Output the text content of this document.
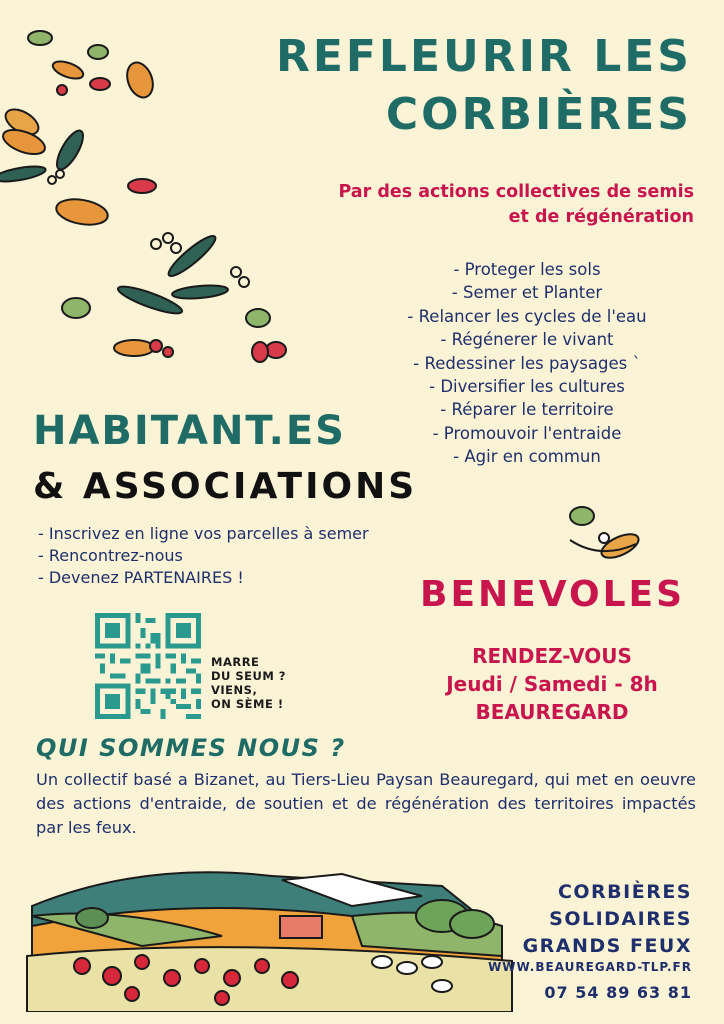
REFLEURIR LES
CORBIÈRES
Par des actions collectives de semis
et de régénération
- Proteger les sols
- Semer et Planter
- Relancer les cycles de l'eau
- Régénerer le vivant
- Redessiner les paysages `
- Diversifier les cultures
- Réparer le territoire
- Promouvoir l'entraide
- Agir en commun
HABITANT.ES
& ASSOCIATIONS
- Inscrivez en ligne vos parcelles à semer
- Rencontrez-nous
- Devenez PARTENAIRES !
MARRE
DU SEUM ?
VIENS,
ON SÈME !
BENEVOLES
RENDEZ-VOUS
Jeudi / Samedi - 8h
BEAUREGARD
QUI SOMMES NOUS ?
Un collectif basé a Bizanet, au Tiers-Lieu Paysan Beauregard, qui met en oeuvre des actions d'entraide, de soutien et de régénération des territoires impactés par les feux.
CORBIÈRES
SOLIDAIRES
GRANDS FEUX
WWW.BEAUREGARD-TLP.FR
07 54 89 63 81
